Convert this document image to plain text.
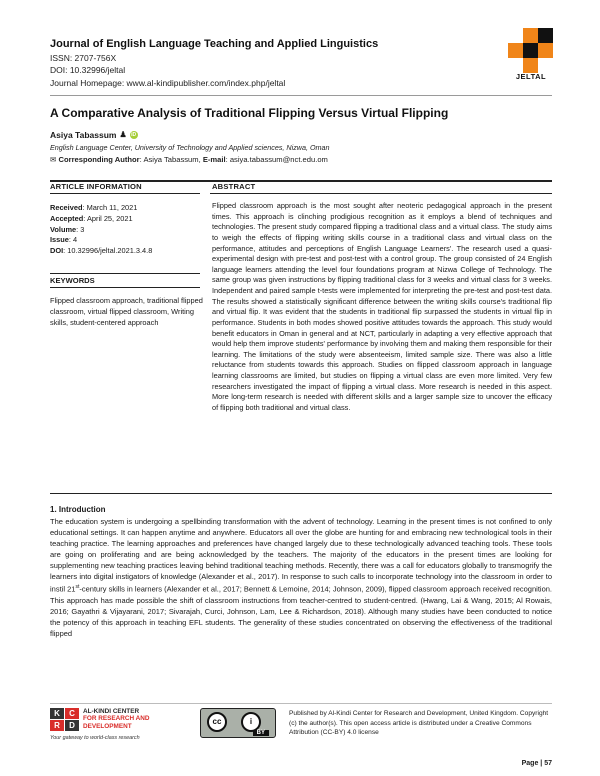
Journal of English Language Teaching and Applied Linguistics
ISSN: 2707-756X
DOI: 10.32996/jeltal
Journal Homepage: www.al-kindipublisher.com/index.php/jeltal
JELTAL
A Comparative Analysis of Traditional Flipping Versus Virtual Flipping
Asiya Tabassum ♟ iD
English Language Center, University of Technology and Applied sciences, Nizwa, Oman
✉ Corresponding Author: Asiya Tabassum, E-mail: asiya.tabassum@nct.edu.om
ARTICLE INFORMATION	ABSTRACT
Received: March 11, 2021
Accepted: April 25, 2021
Volume: 3
Issue: 4
DOI: 10.32996/jeltal.2021.3.4.8
KEYWORDS
Flipped classroom approach, traditional flipped classroom, virtual flipped classroom, Writing skills, student-centered approach
Flipped classroom approach is the most sought after neoteric pedagogical approach in the present times. This approach is clinching prodigious recognition as it employs a blend of techniques and technologies. The present study compared flipping a traditional class and a virtual class. The study aims to weigh the effects of flipping writing skills course in a traditional class and virtual class on the performance, attitudes and perceptions of English Language Learners'. The research used a quasi-experimental design with pre-test and post-test with a control group. The group consisted of 24 English language learners attending the level four foundations program at Nizwa College of Technology. The same group was given instructions by flipping traditional class for 3 weeks and virtual class for 3 weeks. Independent and paired sample t-tests were implemented for interpreting the pre-test and post-test data. The results showed a statistically significant difference between the writing skills course's traditional flip and virtual flip. It was evident that the students in traditional flip surpassed the students in virtual flip in performance. Students in both modes showed positive attitudes towards the approach. This study would benefit educators in Oman in general and at NCT, particularly in adapting a very effective approach that would help them improve students' performance by involving them and making them responsible for their learning. The limitations of the study were absenteeism, limited sample size. There was also a little reluctance from students towards this approach. Studies on flipped classroom approach in language learning classrooms are limited, but studies on flipping a virtual class are even more limited. Very few researchers investigated the impact of flipping a virtual class. More research is needed in this aspect. More long-term research is needed with different skills and a larger sample size to uncover the efficacy of flipping both traditional and virtual class.
1. Introduction
The education system is undergoing a spellbinding transformation with the advent of technology. Learning in the present times is not confined to only educational settings. It can happen anytime and anywhere. Educators all over the globe are hunting for and embracing new technological tools in their teaching practice. The learning approaches and preferences have changed largely due to these technologically advanced teaching tools. These tools are going on proliferating and are being acknowledged by the teachers. The majority of the educators in the present times are looking for supplementing new teaching practices leaving behind traditional teaching methods. Recently, there was a call for educators globally to transmogrify the learners into digital instigators of knowledge (Alexander et al., 2017). In response to such calls to incorporate technology into the classroom in order to instil 21st-century skills in learners (Alexander et al., 2017; Bennett & Lemoine, 2014; Johnson, 2009), flipped classroom approach received recognition. This approach has made possible the shift of classroom instructions from teacher-centred to student-centred. (Hwang, Lai & Wang, 2015; Al Rowais, 2016; Gayathri & Vijayarani, 2017; Sivarajah, Curci, Johnson, Lam, Lee & Richardson, 2018). Although many studies have been conducted to notice the potency of this approach in teaching EFL students. The generality of these studies concentrated on observing the effectiveness of the traditional flipped
K	C
R	D
AL-KINDI CENTER
FOR RESEARCH AND
DEVELOPMENT
Your gateway to world-class research
cc	i
BY
Published by Al-Kindi Center for Research and Development, United Kingdom. Copyright (c) the author(s). This open access article is distributed under a Creative Commons Attribution (CC-BY) 4.0 license
Page | 57
